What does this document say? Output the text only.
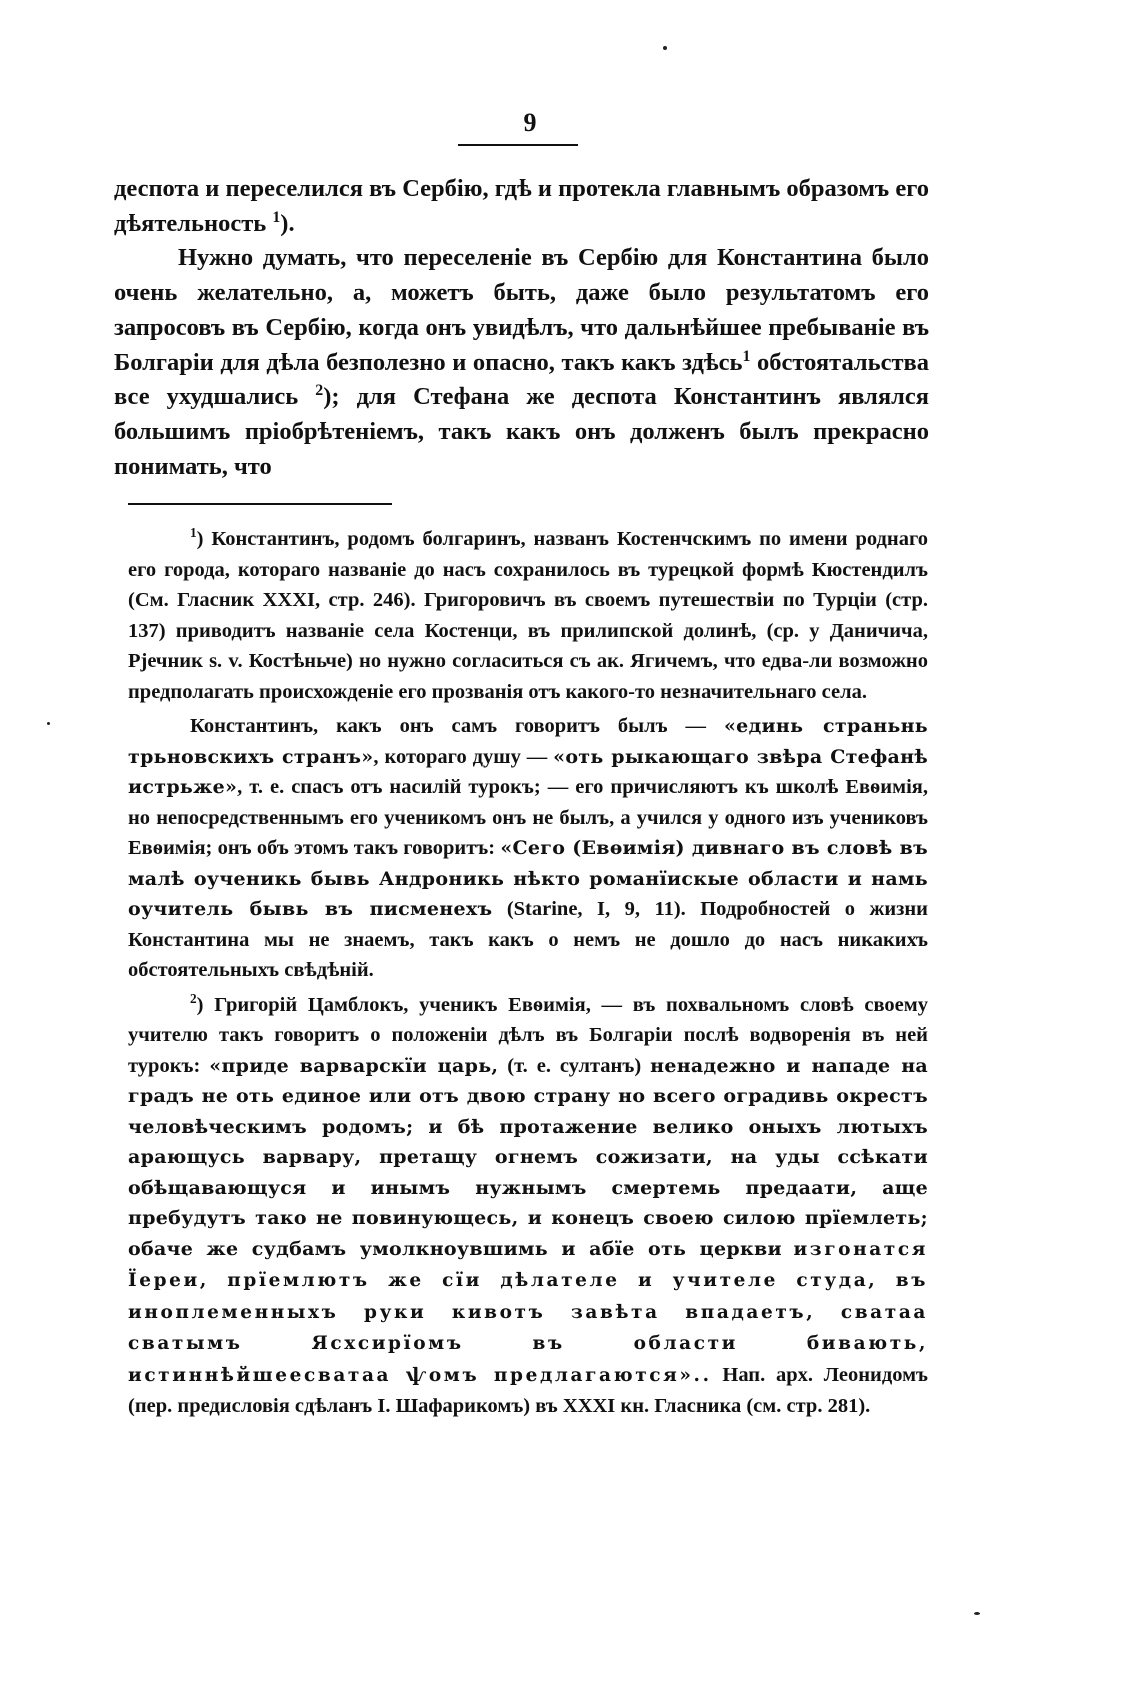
9

деспота и переселился въ Сербію, гдѣ и протекла главнымъ образомъ его дѣятельность $^1$).

Нужно думать, что переселеніе въ Сербію для Константина было очень желательно, а, можетъ быть, даже было результатомъ его запросовъ въ Сербію, когда онъ увидѣлъ, что дальнѣйшее пребываніе въ Болгаріи для дѣла безполезно и опасно, такъ какъ здѣсь$^1$ обстоятальства все ухудшались $^2$); для Стефана же деспота Константинъ являлся большимъ пріобрѣтеніемъ, такъ какъ онъ долженъ былъ прекрасно понимать, что

$^1$) Константинъ, родомъ болгаринъ, названъ Костенчскимъ по имени роднаго его города, котораго названіе до насъ сохранилось въ турецкой формѣ Кюстендилъ (См. Гласник XXXI, стр. 246). Григоровичъ въ своемъ путешествіи по Турціи (стр. 137) приводитъ названіе села Костенци, въ прилипской долинѣ, (ср. у Даничича, Рјечник s. v. Костѣньче) но нужно согласиться съ ак. Ягичемъ, что едва-ли возможно предполагать происхожденіе его прозванія отъ какого-то незначительнаго села.

Константинъ, какъ онъ самъ говоритъ былъ — «единь страньнь трьновскихъ странъ», котораго душу — «оть рыкающаго звѣра Стефанѣ истрьже», т. е. спасъ отъ насилій турокъ; — его причисляютъ къ школѣ Евѳимія, но непосредственнымъ его ученикомъ онъ не былъ, а учился у одного изъ учениковъ Евѳимія; онъ объ этомъ такъ говоритъ: «Сего (Евѳимія) дивнаго въ словѣ въ малѣ оученикь бывь Андроникь нѣкто романїискые области и намь оучитель бывь въ писменехъ (Starine, I, 9, 11). Подробностей о жизни Константина мы не знаемъ, такъ какъ о немъ не дошло до насъ никакихъ обстоятельныхъ свѣдѣній.

$^2$) Григорій Цамблокъ, ученикъ Евѳимія, — въ похвальномъ словѣ своему учителю такъ говоритъ о положеніи дѣлъ въ Болгаріи послѣ водворенія въ ней турокъ: «приде варварскїи царь, (т. е. султанъ) ненадежно и нападе на градъ не оть единое или отъ двою страну но всего оградивь окрестъ человѣческимъ родомъ; и бѣ протажение велико оныхъ лютыхъ арающусь варвару, претащу огнемъ сожизати, на уды ссѣкати обѣщавающуся и инымъ нужнымъ смертемь предаати, аще пребудутъ тако не повинующесь, и конецъ своею силою прїемлеть; обаче же судбамъ умолкноувшимь и абїе оть церкви изгонатся Їереи, прїемлютъ же сїи дѣлателе и учителе студа, въ иноплеменныхъ руки кивотъ завѣта впадаетъ, сватаа сватымъ Ясхсирїомъ въ области бивають, истиннѣйшеесватаа ѱомъ предлагаются».. Нап. арх. Леонидомъ (пер. предисловія сдѣланъ І. Шафарикомъ) въ XXXI кн. Гласника (см. стр. 281).
